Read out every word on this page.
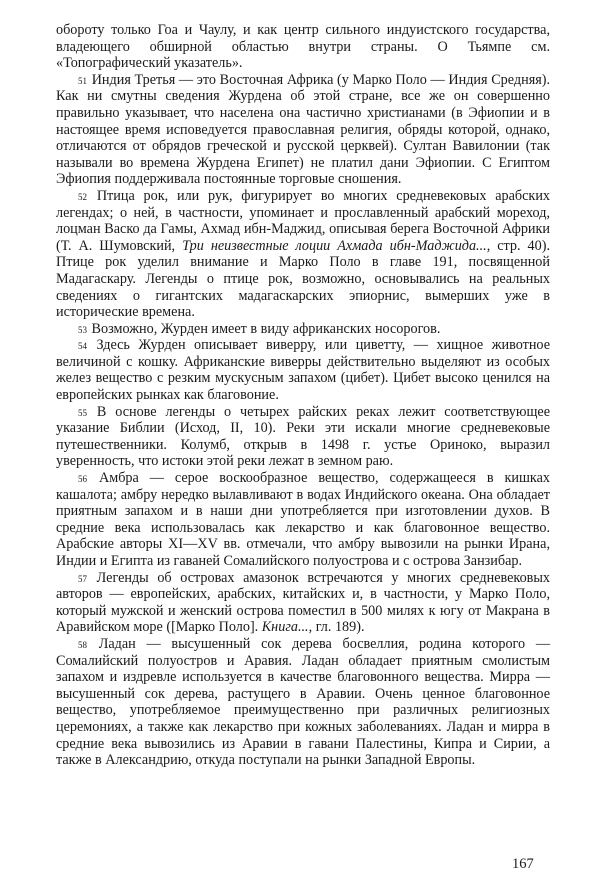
обороту только Гоа и Чаулу, и как центр сильного индуистского государства, владеющего обширной областью внутри страны. О Тьямпе см. «Топографический указатель».

$^{51}$ Индия Третья — это Восточная Африка (у Марко Поло — Индия Средняя). Как ни смутны сведения Журдена об этой стране, все же он совершенно правильно указывает, что населена она частично христианами (в Эфиопии и в настоящее время исповедуется православная религия, обряды которой, однако, отличаются от обрядов греческой и русской церквей). Султан Вавилонии (так называли во времена Журдена Египет) не платил дани Эфиопии. С Египтом Эфиопия поддерживала постоянные торговые сношения.

$^{52}$ Птица рок, или рук, фигурирует во многих средневековых арабских легендах; о ней, в частности, упоминает и прославленный арабский мореход, лоцман Васко да Гамы, Ахмад ибн-Маджид, описывая берега Восточной Африки (Т. А. Шумовский, Три неизвестные лоции Ахмада ибн-Маджида..., стр. 40). Птице рок уделил внимание и Марко Поло в главе 191, посвященной Мадагаскару. Легенды о птице рок, возможно, основывались на реальных сведениях о гигантских мадагаскарских эпиорнис, вымерших уже в исторические времена.

$^{53}$ Возможно, Журден имеет в виду африканских носорогов.

$^{54}$ Здесь Журден описывает виверру, или циветту, — хищное животное величиной с кошку. Африканские виверры действительно выделяют из особых желез вещество с резким мускусным запахом (цибет). Цибет высоко ценился на европейских рынках как благовоние.

$^{55}$ В основе легенды о четырех райских реках лежит соответствующее указание Библии (Исход, II, 10). Реки эти искали многие средневековые путешественники. Колумб, открыв в 1498 г. устье Ориноко, выразил уверенность, что истоки этой реки лежат в земном раю.

$^{56}$ Амбра — серое воскообразное вещество, содержащееся в кишках кашалота; амбру нередко вылавливают в водах Индийского океана. Она обладает приятным запахом и в наши дни употребляется при изготовлении духов. В средние века использовалась как лекарство и как благовонное вещество. Арабские авторы XI—XV вв. отмечали, что амбру вывозили на рынки Ирана, Индии и Египта из гаваней Сомалийского полуострова и с острова Занзибар.

$^{57}$ Легенды об островах амазонок встречаются у многих средневековых авторов — европейских, арабских, китайских и, в частности, у Марко Поло, который мужской и женский острова поместил в 500 милях к югу от Макрана в Аравийском море ([Марко Поло]. Книга..., гл. 189).

$^{58}$ Ладан — высушенный сок дерева босвеллия, родина которого — Сомалийский полуостров и Аравия. Ладан обладает приятным смолистым запахом и издревле используется в качестве благовонного вещества. Мирра — высушенный сок дерева, растущего в Аравии. Очень ценное благовонное вещество, употребляемое преимущественно при различных религиозных церемониях, а также как лекарство при кожных заболеваниях. Ладан и мирра в средние века вывозились из Аравии в гавани Палестины, Кипра и Сирии, а также в Александрию, откуда поступали на рынки Западной Европы.

167
